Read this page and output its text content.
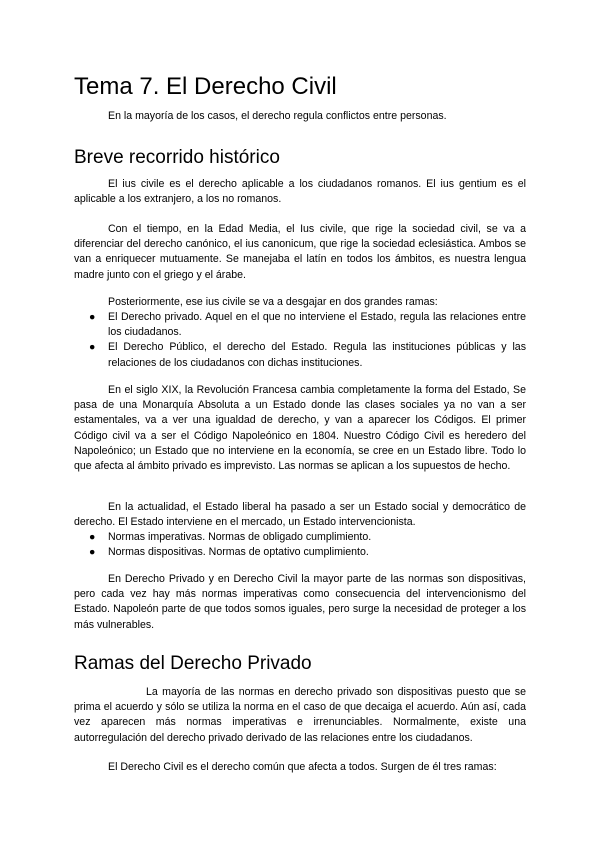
Tema 7. El Derecho Civil

En la mayoría de los casos, el derecho regula conflictos entre personas.

Breve recorrido histórico

El ius civile es el derecho aplicable a los ciudadanos romanos. El ius gentium es el aplicable a los extranjero, a los no romanos.

Con el tiempo, en la Edad Media, el Ius civile, que rige la sociedad civil, se va a diferenciar del derecho canónico, el ius canonicum, que rige la sociedad eclesiástica. Ambos se van a enriquecer mutuamente. Se manejaba el latín en todos los ámbitos, es nuestra lengua madre junto con el griego y el árabe.

Posteriormente, ese ius civile se va a desgajar en dos grandes ramas:

● El Derecho privado. Aquel en el que no interviene el Estado, regula las relaciones entre los ciudadanos.
● El Derecho Público, el derecho del Estado. Regula las instituciones públicas y las relaciones de los ciudadanos con dichas instituciones.

En el siglo XIX, la Revolución Francesa cambia completamente la forma del Estado, Se pasa de una Monarquía Absoluta a un Estado donde las clases sociales ya no van a ser estamentales, va a ver una igualdad de derecho, y van a aparecer los Códigos. El primer Código civil va a ser el Código Napoleónico en 1804. Nuestro Código Civil es heredero del Napoleónico; un Estado que no interviene en la economía, se cree en un Estado libre. Todo lo que afecta al ámbito privado es imprevisto. Las normas se aplican a los supuestos de hecho.

En la actualidad, el Estado liberal ha pasado a ser un Estado social y democrático de derecho. El Estado interviene en el mercado, un Estado intervencionista.

● Normas imperativas. Normas de obligado cumplimiento.
● Normas dispositivas. Normas de optativo cumplimiento.

En Derecho Privado y en Derecho Civil la mayor parte de las normas son dispositivas, pero cada vez hay más normas imperativas como consecuencia del intervencionismo del Estado. Napoleón parte de que todos somos iguales, pero surge la necesidad de proteger a los más vulnerables.

Ramas del Derecho Privado

La mayoría de las normas en derecho privado son dispositivas puesto que se prima el acuerdo y sólo se utiliza la norma en el caso de que decaiga el acuerdo. Aún así, cada vez aparecen más normas imperativas e irrenunciables. Normalmente, existe una autorregulación del derecho privado derivado de las relaciones entre los ciudadanos.

El Derecho Civil es el derecho común que afecta a todos. Surgen de él tres ramas:
